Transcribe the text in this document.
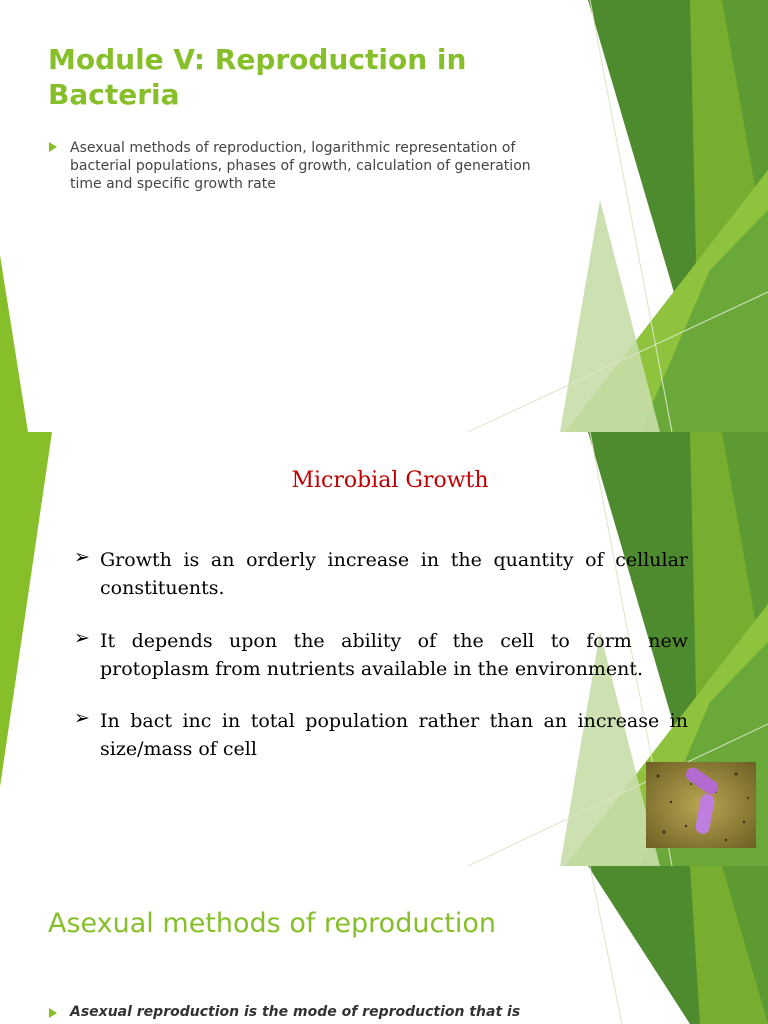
Module V: Reproduction in Bacteria
Asexual methods of reproduction, logarithmic representation of bacterial populations, phases of growth, calculation of generation time and specific growth rate
Microbial Growth
➢ Growth is an orderly increase in the quantity of cellular constituents.
➢ It depends upon the ability of the cell to form new protoplasm from nutrients available in the environment.
➢ In bact inc in total population rather than an increase in size/mass of cell
Asexual methods of reproduction
Asexual reproduction is the mode of reproduction that is
